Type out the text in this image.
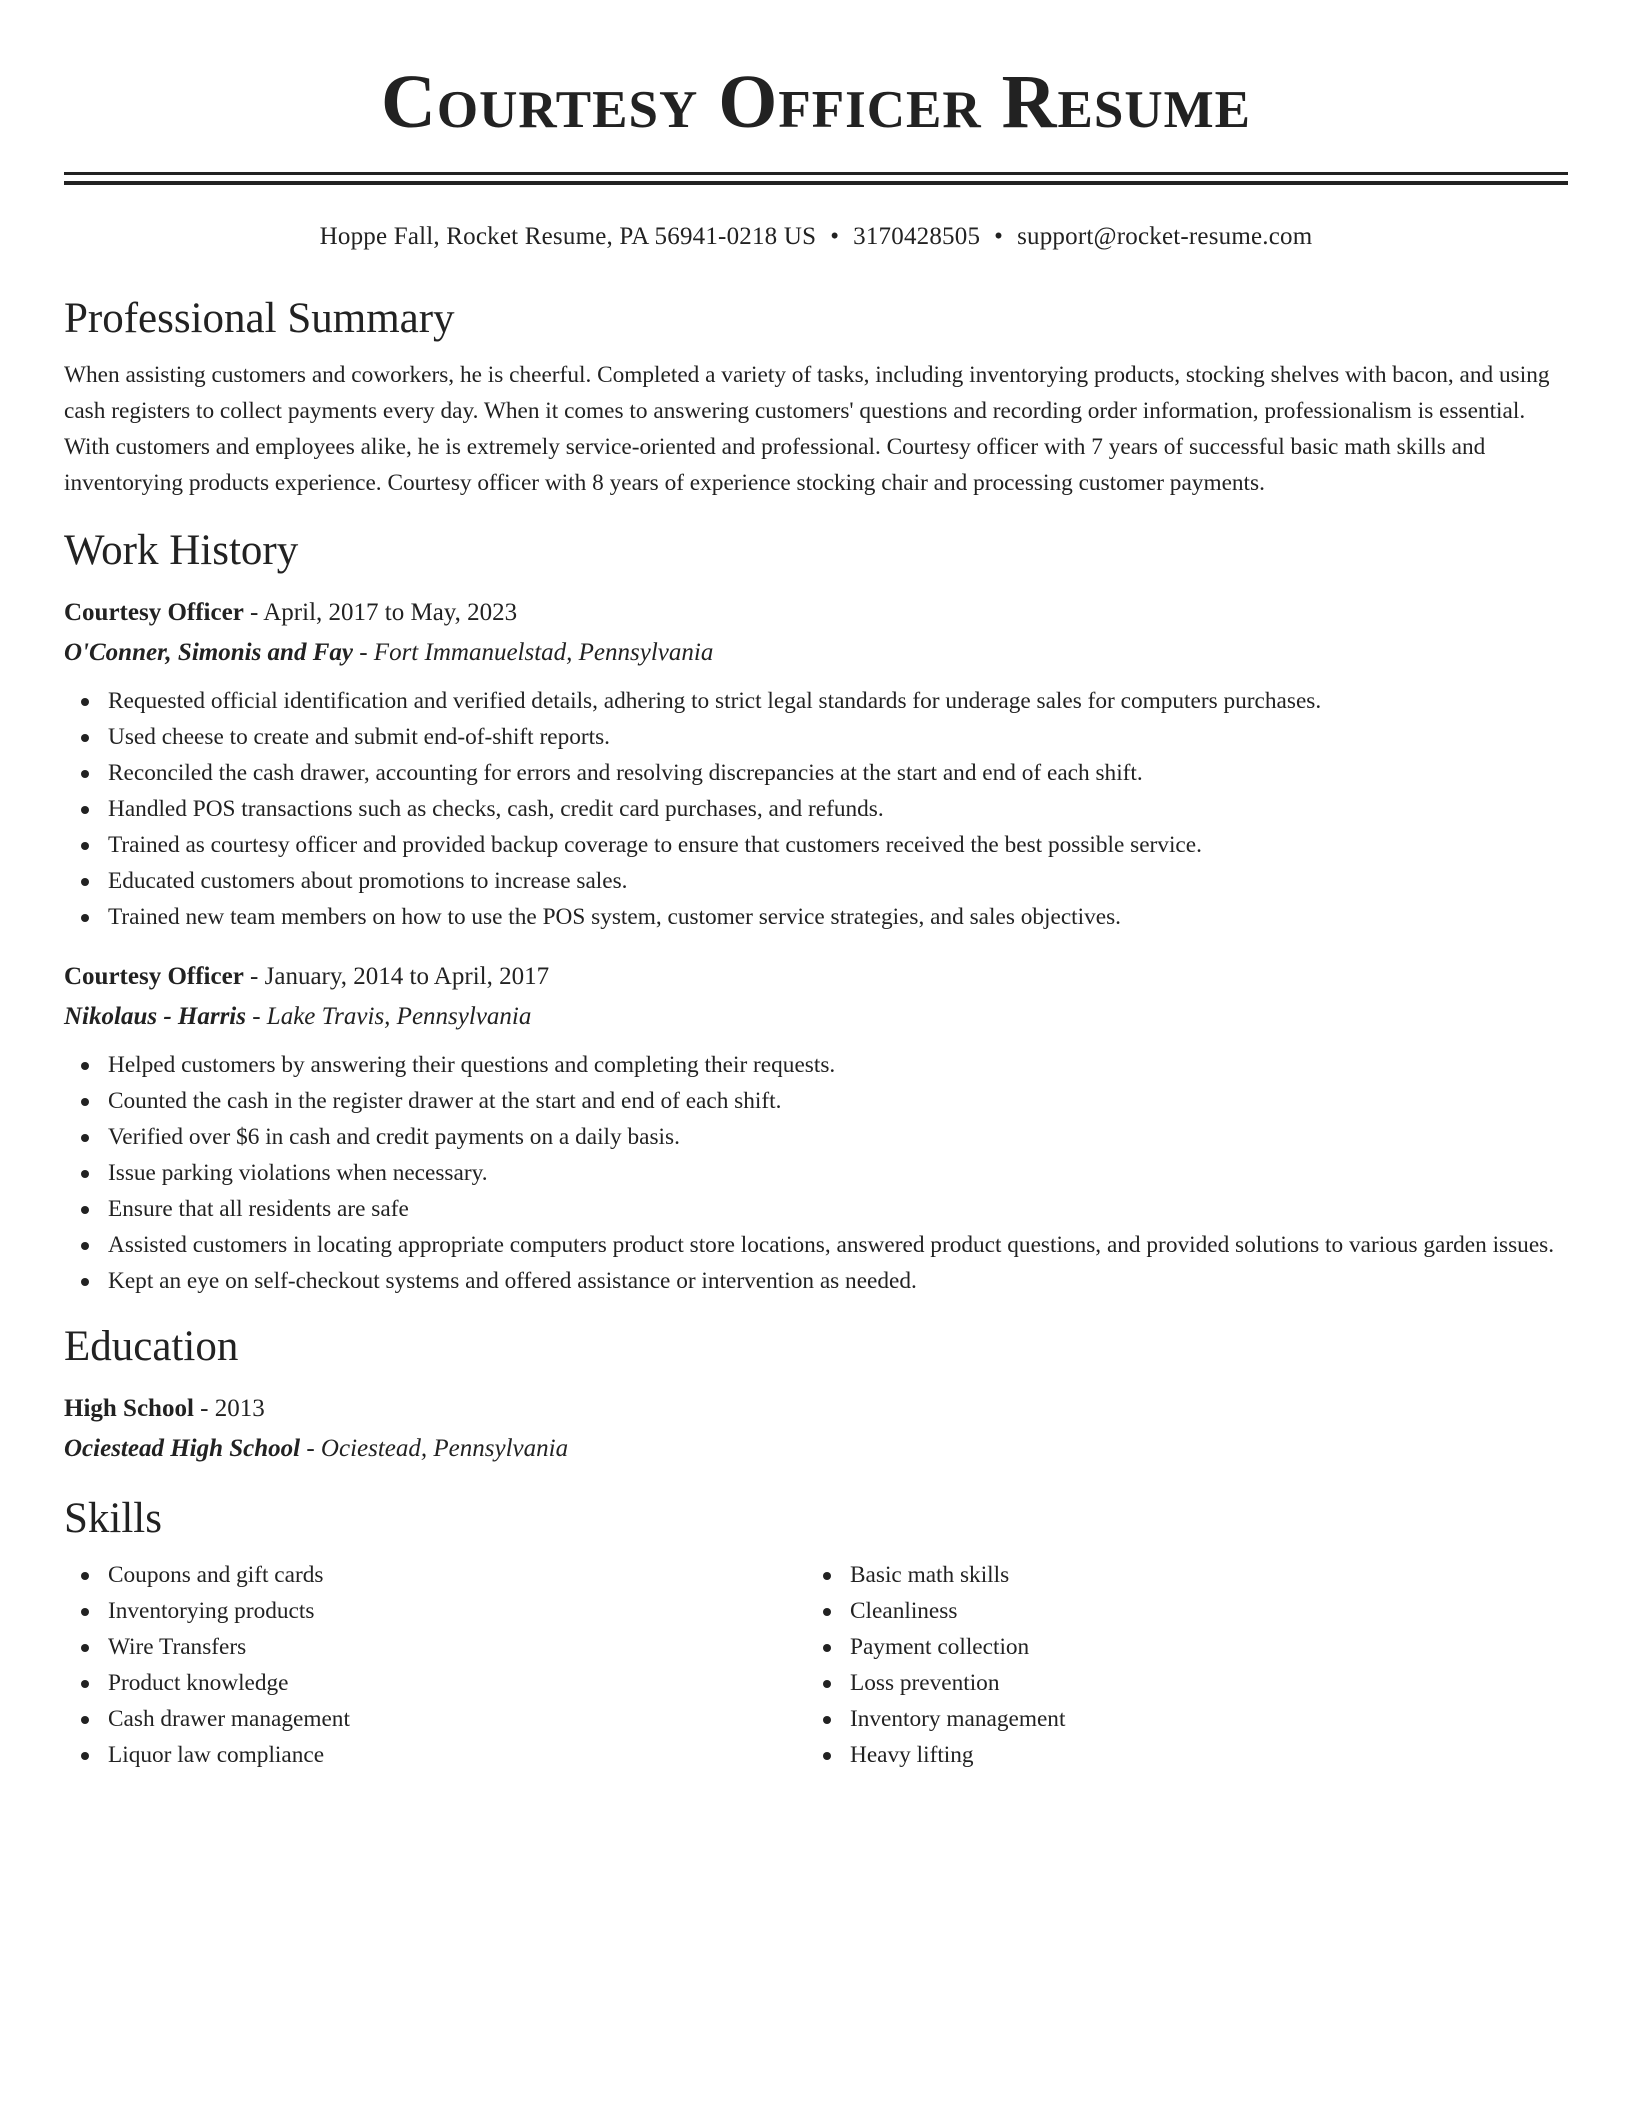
Courtesy Officer Resume
Hoppe Fall, Rocket Resume, PA 56941-0218 US • 3170428505 • support@rocket-resume.com
Professional Summary
When assisting customers and coworkers, he is cheerful. Completed a variety of tasks, including inventorying products, stocking shelves with bacon, and using cash registers to collect payments every day. When it comes to answering customers' questions and recording order information, professionalism is essential. With customers and employees alike, he is extremely service-oriented and professional. Courtesy officer with 7 years of successful basic math skills and inventorying products experience. Courtesy officer with 8 years of experience stocking chair and processing customer payments.
Work History
Courtesy Officer - April, 2017 to May, 2023
O'Conner, Simonis and Fay - Fort Immanuelstad, Pennsylvania
Requested official identification and verified details, adhering to strict legal standards for underage sales for computers purchases.
Used cheese to create and submit end-of-shift reports.
Reconciled the cash drawer, accounting for errors and resolving discrepancies at the start and end of each shift.
Handled POS transactions such as checks, cash, credit card purchases, and refunds.
Trained as courtesy officer and provided backup coverage to ensure that customers received the best possible service.
Educated customers about promotions to increase sales.
Trained new team members on how to use the POS system, customer service strategies, and sales objectives.
Courtesy Officer - January, 2014 to April, 2017
Nikolaus - Harris - Lake Travis, Pennsylvania
Helped customers by answering their questions and completing their requests.
Counted the cash in the register drawer at the start and end of each shift.
Verified over $6 in cash and credit payments on a daily basis.
Issue parking violations when necessary.
Ensure that all residents are safe
Assisted customers in locating appropriate computers product store locations, answered product questions, and provided solutions to various garden issues.
Kept an eye on self-checkout systems and offered assistance or intervention as needed.
Education
High School - 2013
Ociestead High School - Ociestead, Pennsylvania
Skills
Coupons and gift cards
Inventorying products
Wire Transfers
Product knowledge
Cash drawer management
Liquor law compliance
Basic math skills
Cleanliness
Payment collection
Loss prevention
Inventory management
Heavy lifting
